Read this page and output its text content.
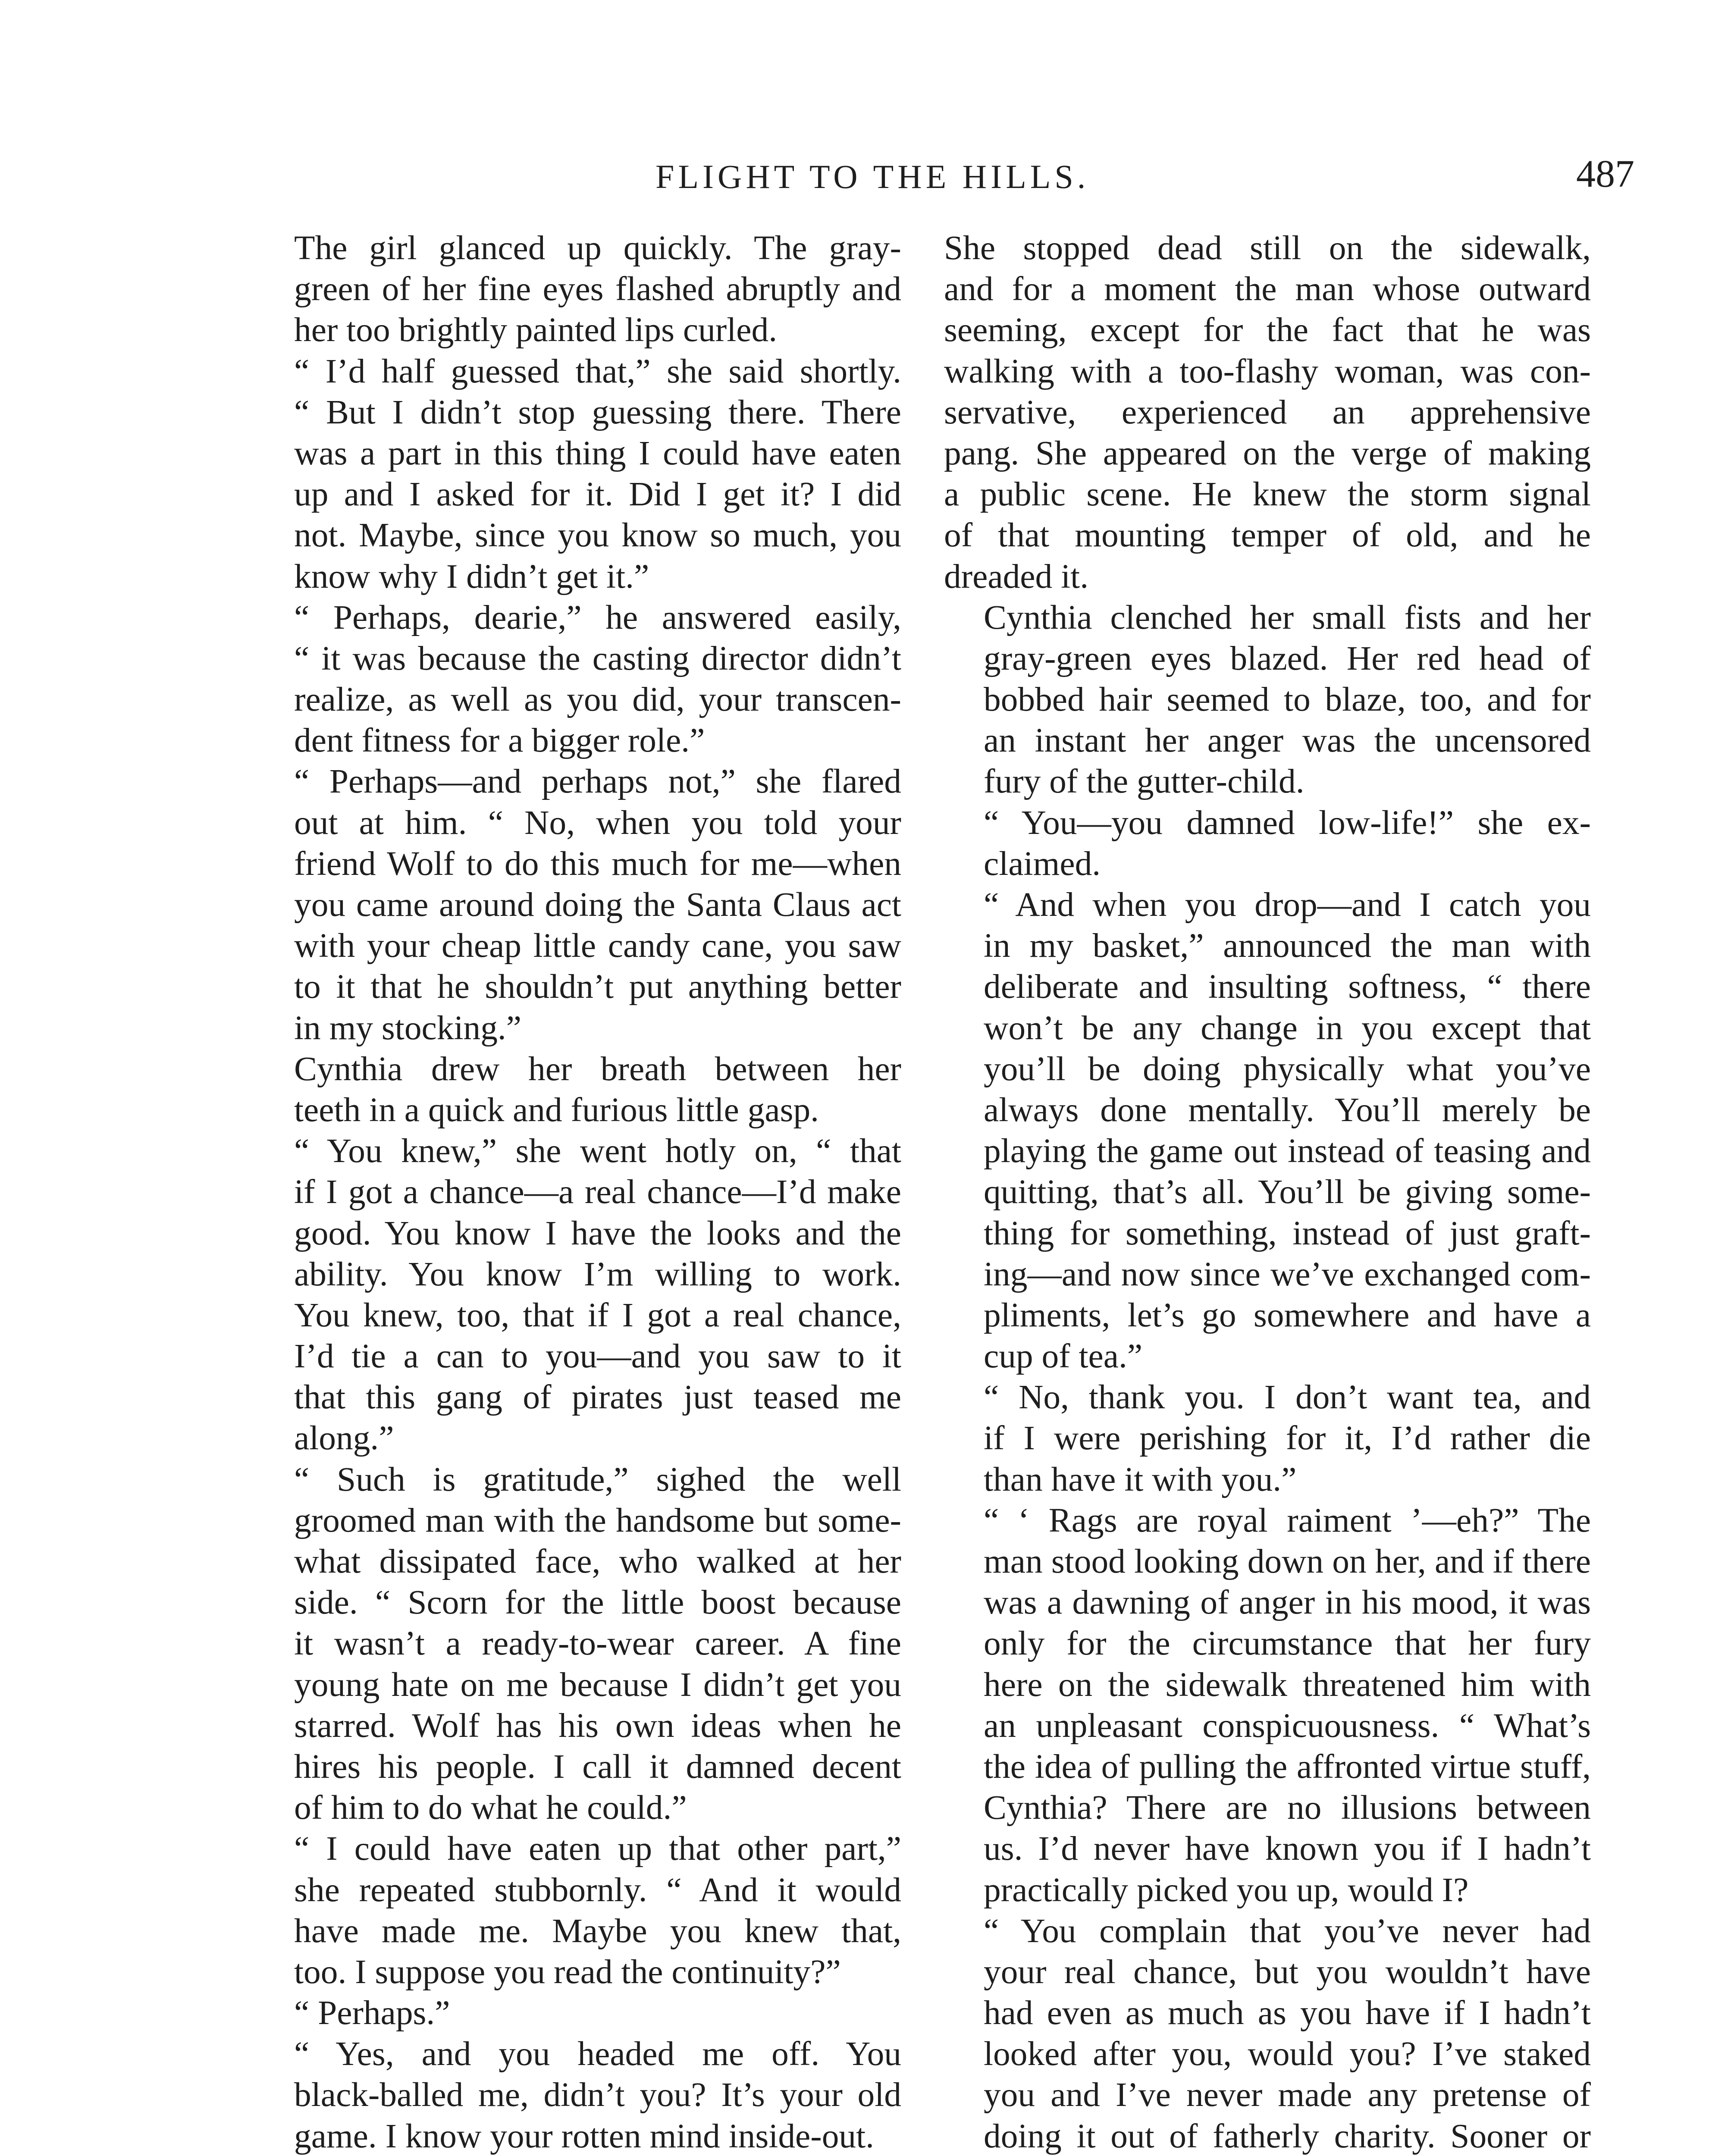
FLIGHT TO THE HILLS.	487

The girl glanced up quickly. The gray-
green of her fine eyes flashed abruptly and
her too brightly painted lips curled.

“ I’d half guessed that,” she said shortly.
“ But I didn’t stop guessing there. There
was a part in this thing I could have eaten
up and I asked for it. Did I get it? I did
not. Maybe, since you know so much, you
know why I didn’t get it.”

“ Perhaps, dearie,” he answered easily,
“ it was because the casting director didn’t
realize, as well as you did, your transcen-
dent fitness for a bigger role.”

“ Perhaps—and perhaps not,” she flared
out at him. “ No, when you told your
friend Wolf to do this much for me—when
you came around doing the Santa Claus act
with your cheap little candy cane, you saw
to it that he shouldn’t put anything better
in my stocking.”

Cynthia drew her breath between her
teeth in a quick and furious little gasp.

“ You knew,” she went hotly on, “ that
if I got a chance—a real chance—I’d make
good. You know I have the looks and the
ability. You know I’m willing to work.
You knew, too, that if I got a real chance,
I’d tie a can to you—and you saw to it
that this gang of pirates just teased me
along.”

“ Such is gratitude,” sighed the well
groomed man with the handsome but some-
what dissipated face, who walked at her
side. “ Scorn for the little boost because
it wasn’t a ready-to-wear career. A fine
young hate on me because I didn’t get you
starred. Wolf has his own ideas when he
hires his people. I call it damned decent
of him to do what he could.”

“ I could have eaten up that other part,”
she repeated stubbornly. “ And it would
have made me. Maybe you knew that,
too. I suppose you read the continuity?”

“ Perhaps.”

“ Yes, and you headed me off. You
black-balled me, didn’t you? It’s your old
game. I know your rotten mind inside-out.

She stopped dead still on the sidewalk,
and for a moment the man whose outward
seeming, except for the fact that he was
walking with a too-flashy woman, was con-
servative, experienced an apprehensive
pang. She appeared on the verge of making
a public scene. He knew the storm signal
of that mounting temper of old, and he
dreaded it.

Cynthia clenched her small fists and her
gray-green eyes blazed. Her red head of
bobbed hair seemed to blaze, too, and for
an instant her anger was the uncensored
fury of the gutter-child.

“ You—you damned low-life!” she ex-
claimed.

“ And when you drop—and I catch you
in my basket,” announced the man with
deliberate and insulting softness, “ there
won’t be any change in you except that
you’ll be doing physically what you’ve
always done mentally. You’ll merely be
playing the game out instead of teasing and
quitting, that’s all. You’ll be giving some-
thing for something, instead of just graft-
ing—and now since we’ve exchanged com-
pliments, let’s go somewhere and have a
cup of tea.”

“ No, thank you. I don’t want tea, and
if I were perishing for it, I’d rather die
than have it with you.”

“ ‘ Rags are royal raiment ’—eh?” The
man stood looking down on her, and if there
was a dawning of anger in his mood, it was
only for the circumstance that her fury
here on the sidewalk threatened him with
an unpleasant conspicuousness. “ What’s
the idea of pulling the affronted virtue stuff,
Cynthia? There are no illusions between
us. I’d never have known you if I hadn’t
practically picked you up, would I?

“ You complain that you’ve never had
your real chance, but you wouldn’t have
had even as much as you have if I hadn’t
looked after you, would you? I’ve staked
you and I’ve never made any pretense of
doing it out of fatherly charity. Sooner or
